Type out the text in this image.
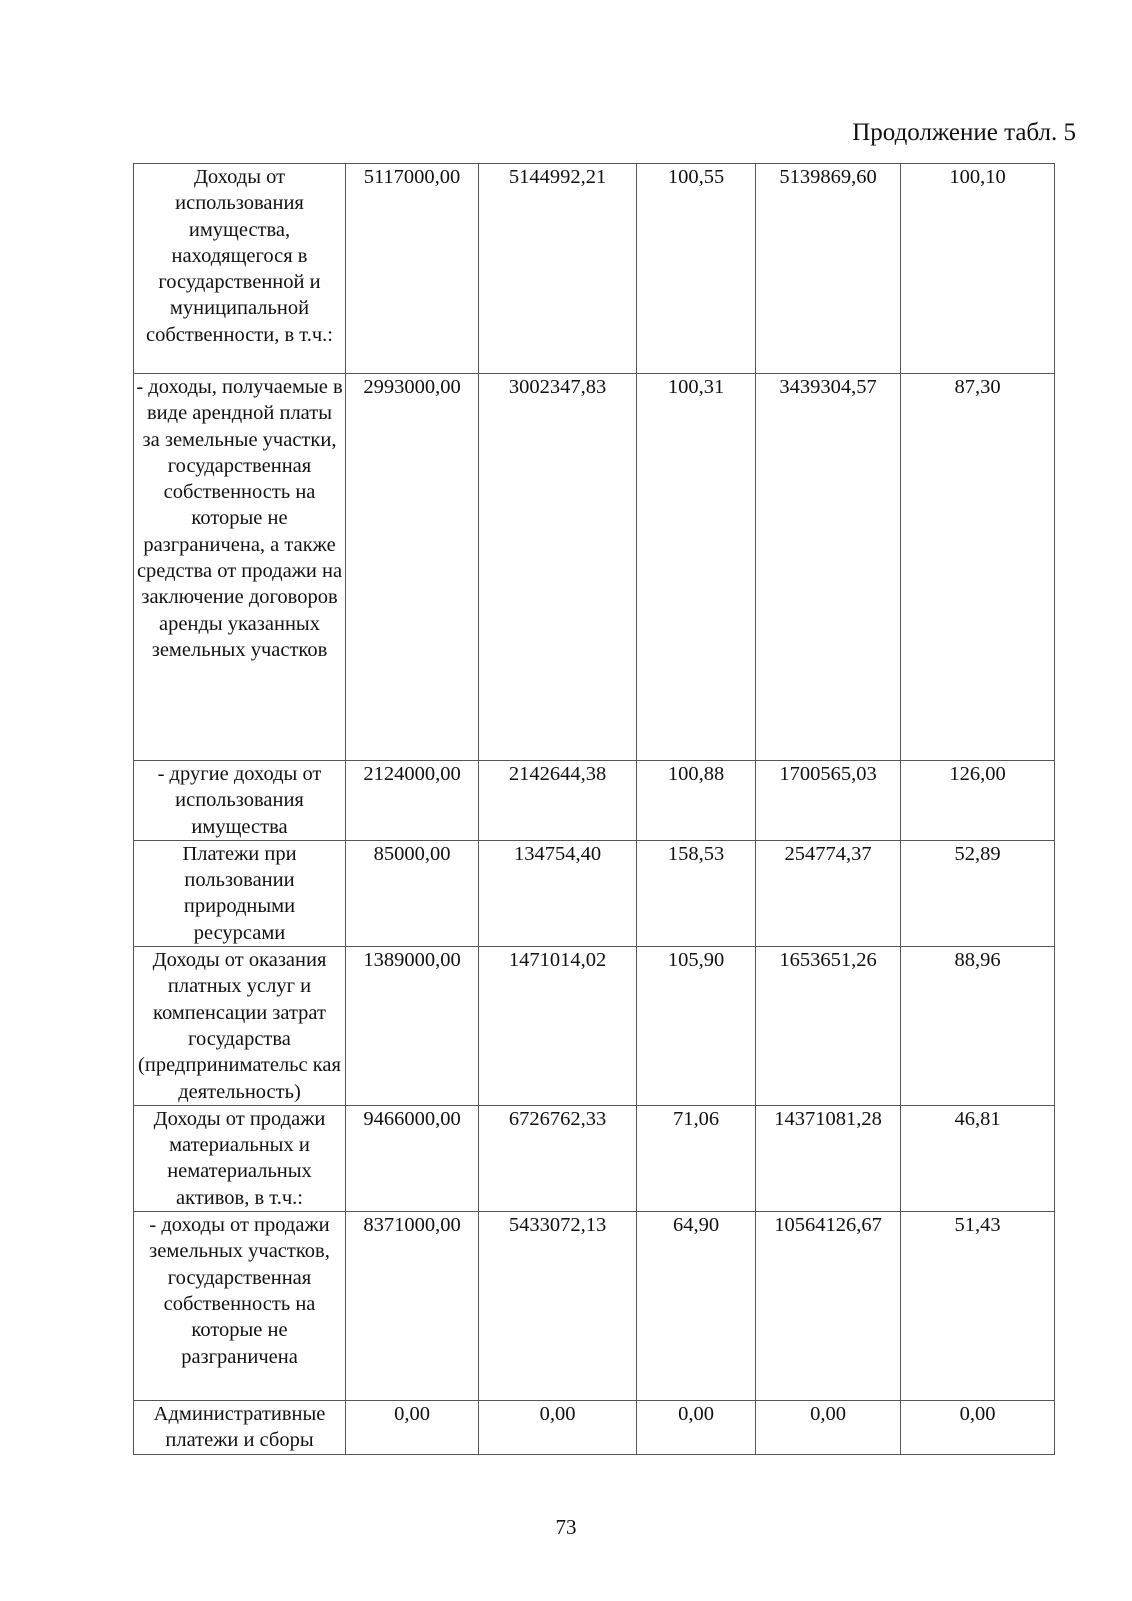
Продолжение табл. 5
Доходы от использования имущества, находящегося в государственной и муниципальной собственности, в т.ч.:	5117000,00	5144992,21	100,55	5139869,60	100,10
- доходы, получаемые в виде арендной платы за земельные участки, государственная собственность на которые не разграничена, а также средства от продажи на заключение договоров аренды указанных земельных участков	2993000,00	3002347,83	100,31	3439304,57	87,30
- другие доходы от использования имущества	2124000,00	2142644,38	100,88	1700565,03	126,00
Платежи при пользовании природными ресурсами	85000,00	134754,40	158,53	254774,37	52,89
Доходы от оказания платных услуг и компенсации затрат государства (предпринимательс кая деятельность)	1389000,00	1471014,02	105,90	1653651,26	88,96
Доходы от продажи материальных и нематериальных активов, в т.ч.:	9466000,00	6726762,33	71,06	14371081,28	46,81
- доходы от продажи земельных участков, государственная собственность на которые не разграничена	8371000,00	5433072,13	64,90	10564126,67	51,43
Административные платежи и сборы	0,00	0,00	0,00	0,00	0,00
73
